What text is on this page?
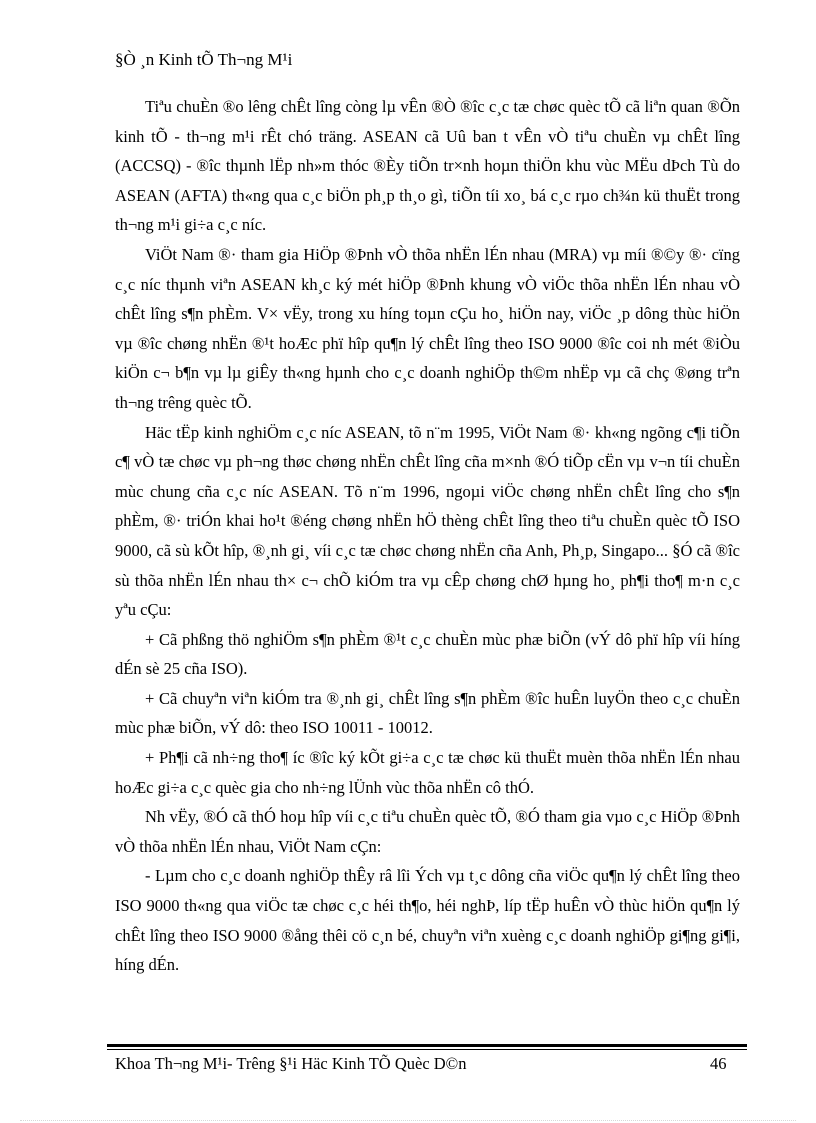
§Ò ¸n Kinh tÕ Th¬ng M¹i

Tiªu chuÈn ®o lêng chÊt lîng còng lµ vÊn ®Ò ®îc c¸c tæ chøc quèc tÕ cã liªn quan ®Õn kinh tÕ - th¬ng m¹i rÊt chó träng. ASEAN cã Uû ban t vÊn vÒ tiªu chuÈn vµ chÊt lîng (ACCSQ) - ®îc thµnh lËp nh»m thóc ®Èy tiÕn tr×nh hoµn thiÖn khu vùc MËu dÞch Tù do ASEAN (AFTA) th«ng qua c¸c biÖn ph¸p th¸o gì, tiÕn tíi xo¸ bá c¸c rµo ch¾n kü thuËt trong th¬ng m¹i gi÷a c¸c níc.

ViÖt Nam ®· tham gia HiÖp ®Þnh vÒ thõa nhËn lÉn nhau (MRA) vµ míi ®©y ®· cïng c¸c níc thµnh viªn ASEAN kh¸c ký mét hiÖp ®Þnh khung vÒ viÖc thõa nhËn lÉn nhau vÒ chÊt lîng s¶n phÈm. V× vËy, trong xu híng toµn cÇu ho¸ hiÖn nay, viÖc ¸p dông thùc hiÖn vµ ®îc chøng nhËn ®¹t hoÆc phï hîp qu¶n lý chÊt lîng theo ISO 9000 ®îc coi nh mét ®iÒu kiÖn c¬ b¶n vµ lµ giÊy th«ng hµnh cho c¸c doanh nghiÖp th©m nhËp vµ cã chç ®øng trªn th¬ng trêng quèc tÕ.

Häc tËp kinh nghiÖm c¸c níc ASEAN, tõ n¨m 1995, ViÖt Nam ®· kh«ng ngõng c¶i tiÕn c¶ vÒ tæ chøc vµ ph¬ng thøc chøng nhËn chÊt lîng cña m×nh ®Ó tiÕp cËn vµ v¬n tíi chuÈn mùc chung cña c¸c níc ASEAN. Tõ n¨m 1996, ngoµi viÖc chøng nhËn chÊt lîng cho s¶n phÈm, ®· triÓn khai ho¹t ®éng chøng nhËn hÖ thèng chÊt lîng theo tiªu chuÈn quèc tÕ ISO 9000, cã sù kÕt hîp, ®¸nh gi¸ víi c¸c tæ chøc chøng nhËn cña Anh, Ph¸p, Singapo... §Ó cã ®îc sù thõa nhËn lÉn nhau th× c¬ chÕ kiÓm tra vµ cÊp chøng chØ hµng ho¸ ph¶i tho¶ m·n c¸c yªu cÇu:

+ Cã phßng thö nghiÖm s¶n phÈm ®¹t c¸c chuÈn mùc phæ biÕn (vÝ dô phï hîp víi híng dÉn sè 25 cña ISO).

+ Cã chuyªn viªn kiÓm tra ®¸nh gi¸ chÊt lîng s¶n phÈm ®îc huÊn luyÖn theo c¸c chuÈn mùc phæ biÕn, vÝ dô: theo ISO 10011 - 10012.

+ Ph¶i cã nh÷ng tho¶ íc ®îc ký kÕt gi÷a c¸c tæ chøc kü thuËt muèn thõa nhËn lÉn nhau hoÆc gi÷a c¸c quèc gia cho nh÷ng lÜnh vùc thõa nhËn cô thÓ.

Nh vËy, ®Ó cã thÓ hoµ hîp víi c¸c tiªu chuÈn quèc tÕ, ®Ó tham gia vµo c¸c HiÖp ®Þnh vÒ thõa nhËn lÉn nhau, ViÖt Nam cÇn:

- Lµm cho c¸c doanh nghiÖp thÊy râ lîi Ých vµ t¸c dông cña viÖc qu¶n lý chÊt lîng theo ISO 9000 th«ng qua viÖc tæ chøc c¸c héi th¶o, héi nghÞ, líp tËp huÊn vÒ thùc hiÖn qu¶n lý chÊt lîng theo ISO 9000 ®ång thêi cö c¸n bé, chuyªn viªn xuèng c¸c doanh nghiÖp gi¶ng gi¶i, híng dÉn.

Khoa Th¬ng M¹i- Trêng §¹i Häc Kinh TÕ Quèc D©n	46
